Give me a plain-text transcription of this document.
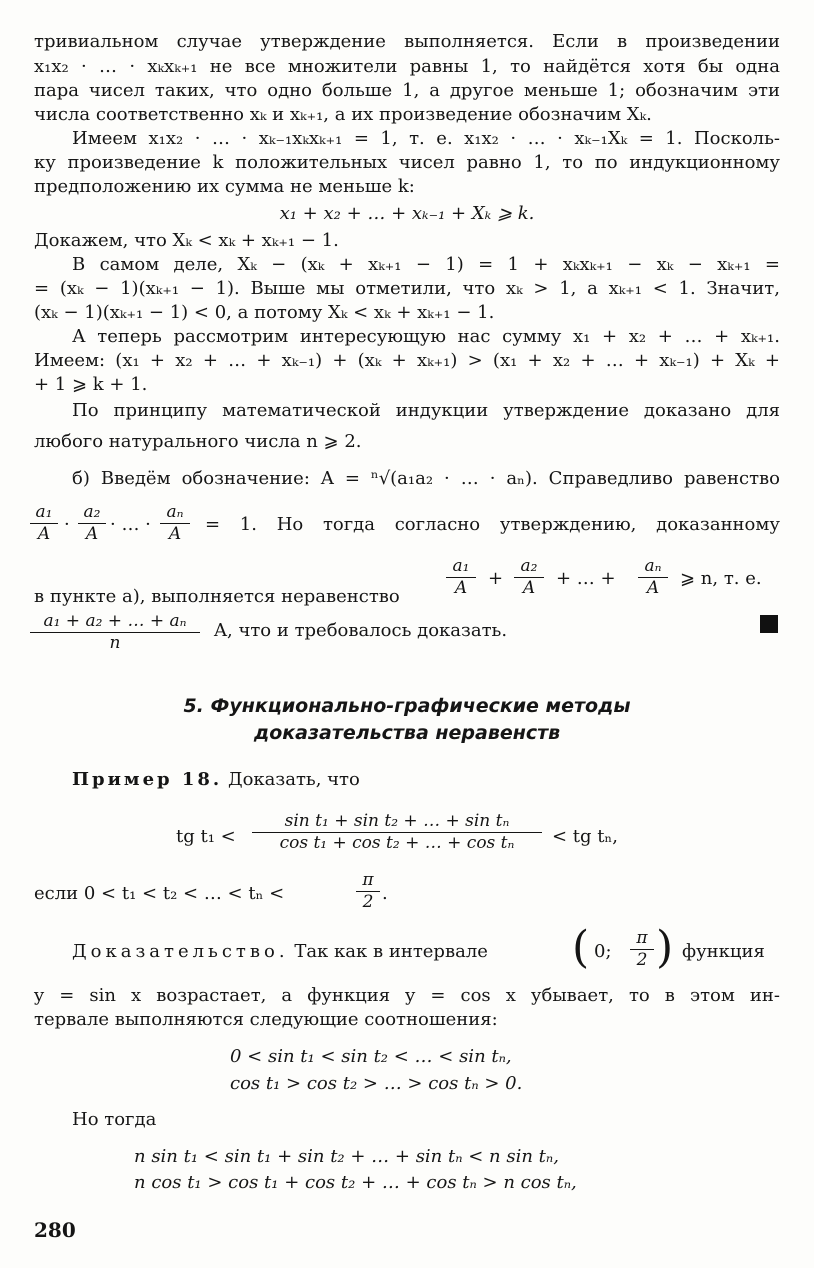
тривиальном случае утверждение выполняется. Если в произведении

x₁x₂ · … · xₖxₖ₊₁ не все множители равны 1, то найдётся хотя бы одна

пара чисел таких, что одно больше 1, а другое меньше 1; обозначим эти

числа соответственно xₖ и xₖ₊₁, а их произведение обозначим Xₖ.

Имеем x₁x₂ · … · xₖ₋₁xₖxₖ₊₁ = 1, т. е. x₁x₂ · … · xₖ₋₁Xₖ = 1. Посколь-

ку произведение k положительных чисел равно 1, то по индукционному

предположению их сумма не меньше k:

x₁ + x₂ + … + xₖ₋₁ + Xₖ ⩾ k.

Докажем, что Xₖ < xₖ + xₖ₊₁ − 1.

В самом деле, Xₖ − (xₖ + xₖ₊₁ − 1) = 1 + xₖxₖ₊₁ − xₖ − xₖ₊₁ =

= (xₖ − 1)(xₖ₊₁ − 1). Выше мы отметили, что xₖ > 1, а xₖ₊₁ < 1. Значит,

(xₖ − 1)(xₖ₊₁ − 1) < 0, а потому Xₖ < xₖ + xₖ₊₁ − 1.

А теперь рассмотрим интересующую нас сумму x₁ + x₂ + … + xₖ₊₁.

Имеем: (x₁ + x₂ + … + xₖ₋₁) + (xₖ + xₖ₊₁) > (x₁ + x₂ + … + xₖ₋₁) + Xₖ +

+ 1 ⩾ k + 1.

По принципу математической индукции утверждение доказано для

любого натурального числа n ⩾ 2.

б) Введём обозначение: A = ⁿ√(a₁a₂ · … · aₙ). Справедливо равенство

$\frac{\text{a₁}}{A} \cdot \frac{\text{a₂}}{A}$ · … · $\frac{\text{aₙ}}{A} = 1$. Но тогда согласно утверждению, доказанному

в пункте а), выполняется неравенство	$\frac{\text{a₁}}{A} + \frac{\text{a₂}}{A}$ + … + $\frac{\text{aₙ}}{A}$ ⩾ n, т. е.
$\frac{\text{a₁ + a₂ + … + aₙ}}{n} A$, что и требовалось доказать.
5. Функционально-графические методы
доказательства неравенств

Пример 18. Доказать, что

tg $t_1 < \frac{\text{sin t₁ + sin t₂ + … + sin tₙ}}{\text{cos t₁ + cos t₂ + … + cos tₙ}}$ < tg tₙ,
если 0 < t₁ < t₂ < … < tₙ <	$\frac{\pi}{2}$ .
Доказательство. Так как в интервале ( 0; $\frac{\pi}{2}$ ) функция

y = sin x возрастает, а функция y = cos x убывает, то в этом ин-

тервале выполняются следующие соотношения:

0 < sin t₁ < sin t₂ < … < sin tₙ,
cos t₁ > cos t₂ > … > cos tₙ > 0.

Но тогда

n sin t₁ < sin t₁ + sin t₂ + … + sin tₙ < n sin tₙ,
n cos t₁ > cos t₁ + cos t₂ + … + cos tₙ > n cos tₙ,
280
